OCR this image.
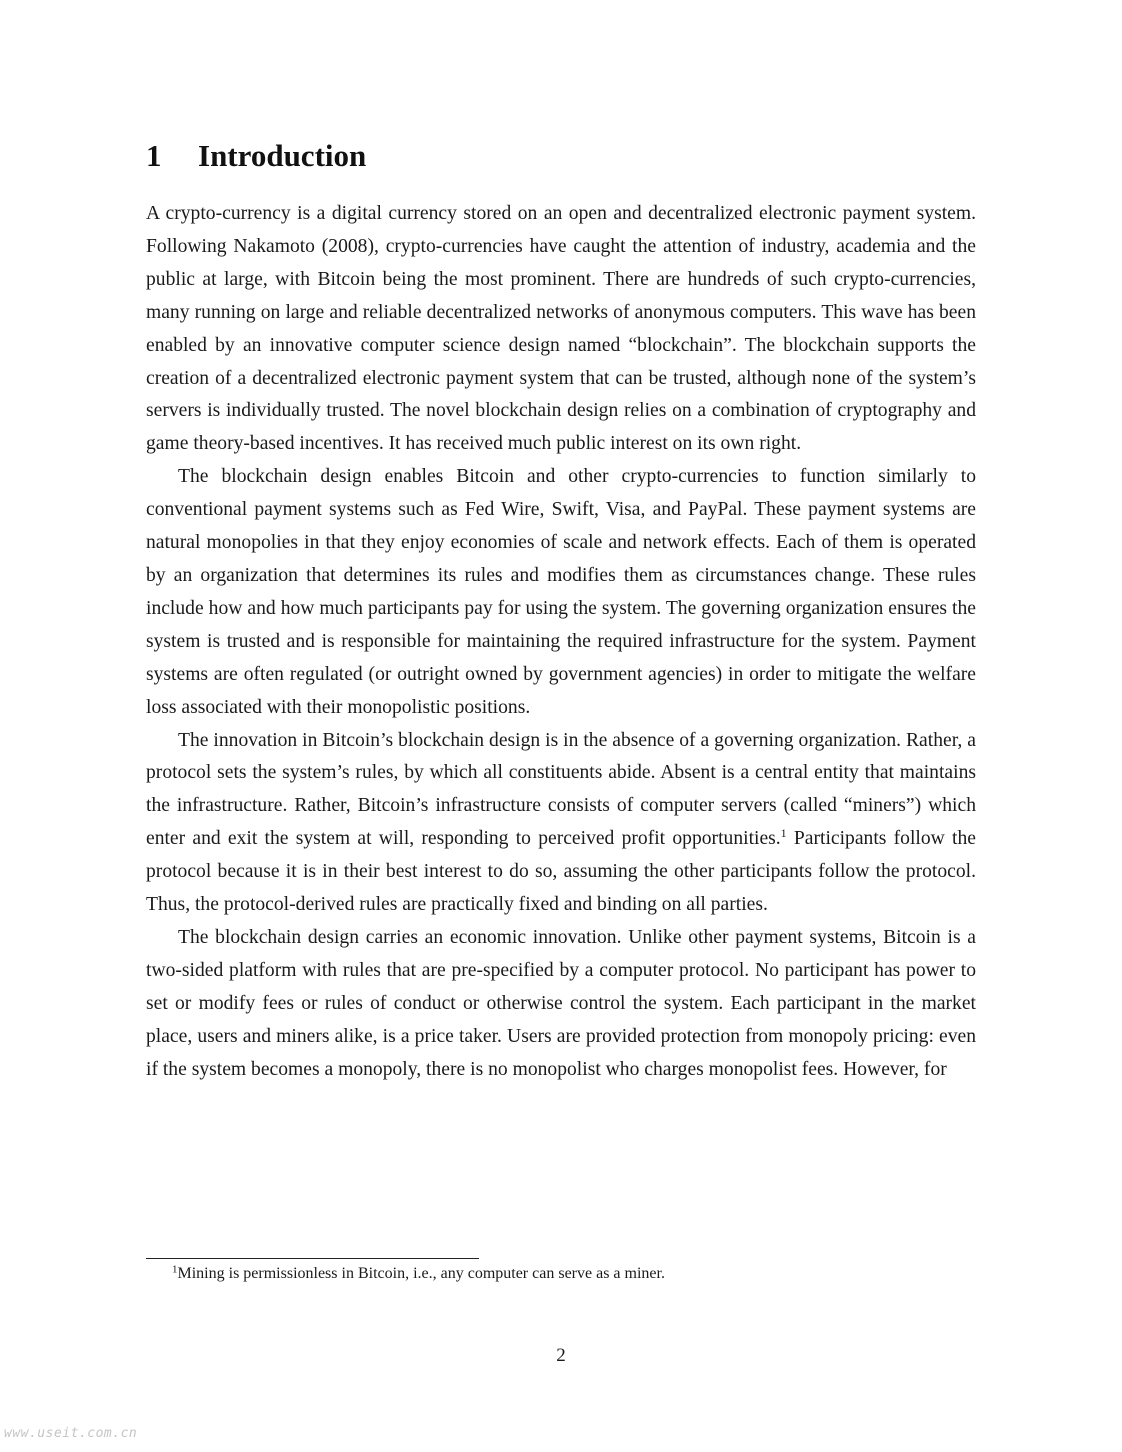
1 Introduction

A crypto-currency is a digital currency stored on an open and decentralized electronic payment system. Following Nakamoto (2008), crypto-currencies have caught the attention of industry, academia and the public at large, with Bitcoin being the most prominent. There are hundreds of such crypto-currencies, many running on large and reliable decentralized networks of anonymous computers. This wave has been enabled by an innovative computer science design named “blockchain”. The blockchain supports the creation of a decentralized electronic payment system that can be trusted, although none of the system’s servers is individually trusted. The novel blockchain design relies on a combination of cryptography and game theory-based incentives. It has received much public interest on its own right.

The blockchain design enables Bitcoin and other crypto-currencies to function similarly to conventional payment systems such as Fed Wire, Swift, Visa, and PayPal. These payment systems are natural monopolies in that they enjoy economies of scale and network effects. Each of them is operated by an organization that determines its rules and modifies them as circumstances change. These rules include how and how much participants pay for using the system. The governing organization ensures the system is trusted and is responsible for maintaining the required infrastructure for the system. Payment systems are often regulated (or outright owned by government agencies) in order to mitigate the welfare loss associated with their monopolistic positions.

The innovation in Bitcoin’s blockchain design is in the absence of a governing organization. Rather, a protocol sets the system’s rules, by which all constituents abide. Absent is a central entity that maintains the infrastructure. Rather, Bitcoin’s infrastructure consists of computer servers (called “miners”) which enter and exit the system at will, responding to perceived profit opportunities.$^1$ Participants follow the protocol because it is in their best interest to do so, assuming the other participants follow the protocol. Thus, the protocol-derived rules are practically fixed and binding on all parties.

The blockchain design carries an economic innovation. Unlike other payment systems, Bitcoin is a two-sided platform with rules that are pre-specified by a computer protocol. No participant has power to set or modify fees or rules of conduct or otherwise control the system. Each participant in the market place, users and miners alike, is a price taker. Users are provided protection from monopoly pricing: even if the system becomes a monopoly, there is no monopolist who charges monopolist fees. However, for

$^1$Mining is permissionless in Bitcoin, i.e., any computer can serve as a miner.
2
www.useit.com.cn
